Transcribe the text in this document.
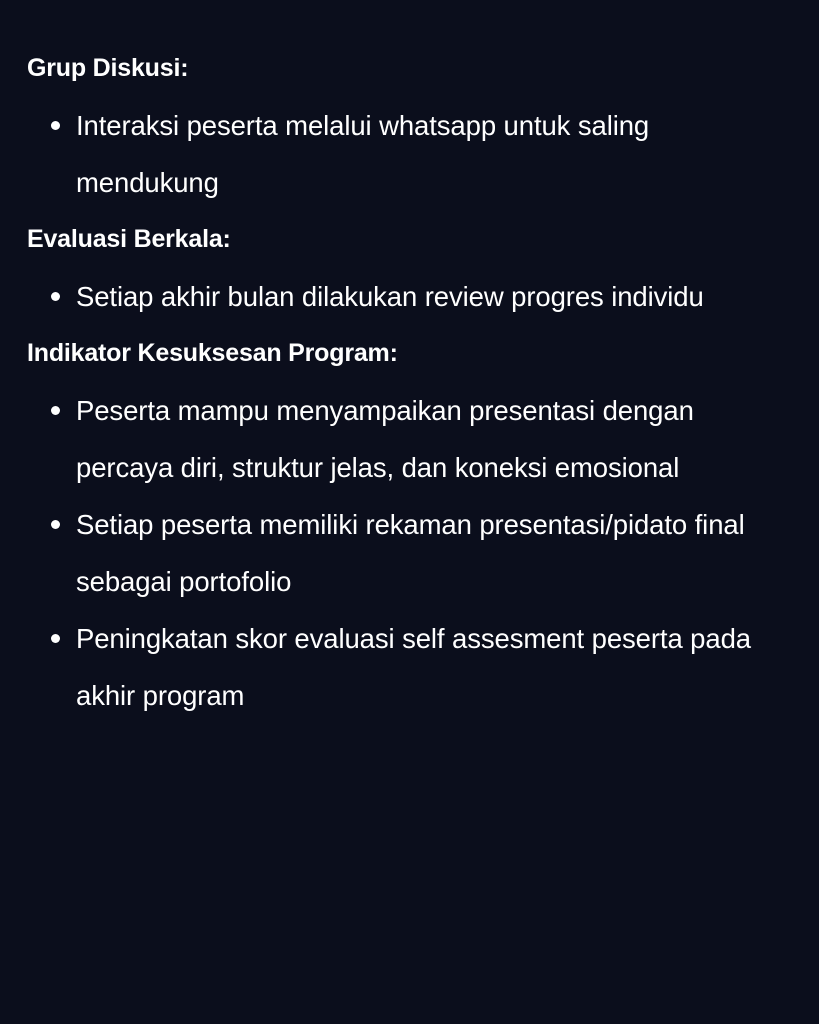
Grup Diskusi:
Interaksi peserta melalui whatsapp untuk saling mendukung
Evaluasi Berkala:
Setiap akhir bulan dilakukan review progres individu
Indikator Kesuksesan Program:
Peserta mampu menyampaikan presentasi dengan percaya diri, struktur jelas, dan koneksi emosional
Setiap peserta memiliki rekaman presentasi/pidato final sebagai portofolio
Peningkatan skor evaluasi self assesment peserta pada akhir program
